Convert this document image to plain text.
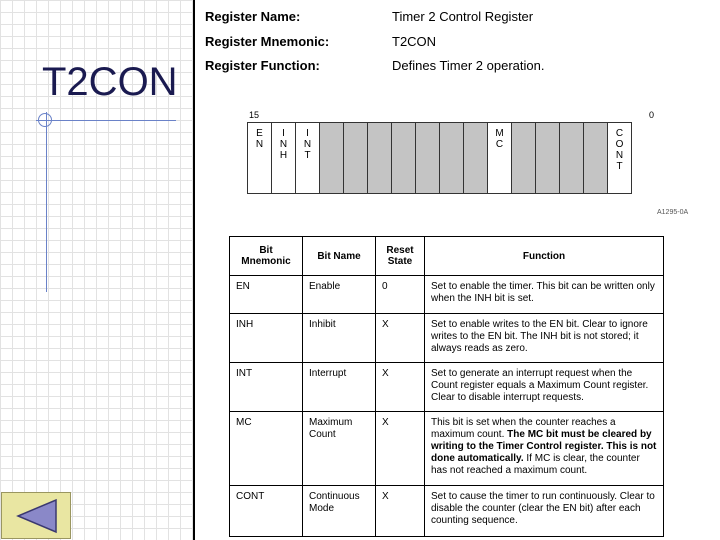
T2CON
Register Name:	Timer 2 Control Register
Register Mnemonic:	T2CON
Register Function:	Defines Timer 2 operation.
15	0
E N

I N H

I N T

M C

C O N T
A1295-0A
Bit Mnemonic	Bit Name	Reset State	Function
EN	Enable	0	Set to enable the timer. This bit can be written only when the INH bit is set.
INH	Inhibit	X	Set to enable writes to the EN bit. Clear to ignore writes to the EN bit. The INH bit is not stored; it always reads as zero.
INT	Interrupt	X	Set to generate an interrupt request when the Count register equals a Maximum Count register. Clear to disable interrupt requests.
MC	Maximum Count	X	This bit is set when the counter reaches a maximum count. The MC bit must be cleared by writing to the Timer Control register. This is not done automatically. If MC is clear, the counter has not reached a maximum count.
CONT	Continuous Mode	X	Set to cause the timer to run continuously. Clear to disable the counter (clear the EN bit) after each counting sequence.
